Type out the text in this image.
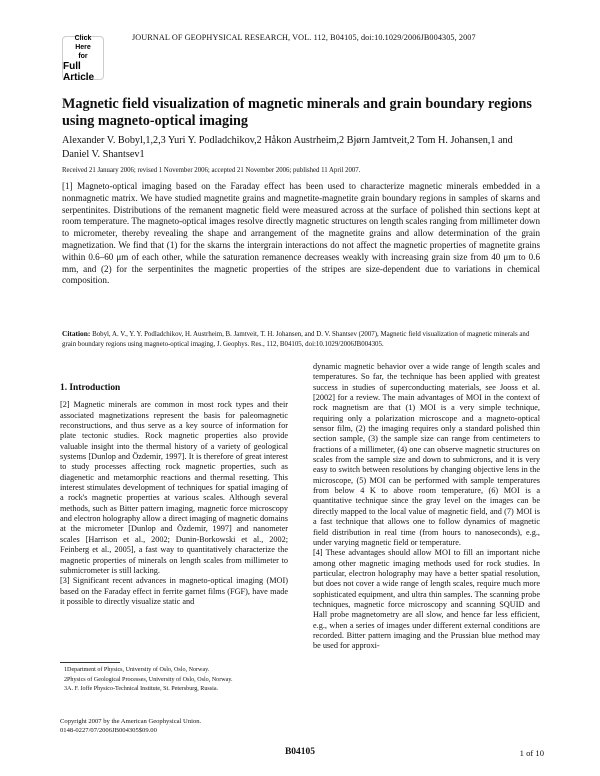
Click
Here
for
Full Article
JOURNAL OF GEOPHYSICAL RESEARCH, VOL. 112, B04105, doi:10.1029/2006JB004305, 2007
Magnetic field visualization of magnetic minerals and grain boundary regions using magneto-optical imaging
Alexander V. Bobyl,1,2,3 Yuri Y. Podladchikov,2 Håkon Austrheim,2 Bjørn Jamtveit,2 Tom H. Johansen,1 and Daniel V. Shantsev1
Received 21 January 2006; revised 1 November 2006; accepted 21 November 2006; published 11 April 2007.
[1] Magneto-optical imaging based on the Faraday effect has been used to characterize magnetic minerals embedded in a nonmagnetic matrix. We have studied magnetite grains and magnetite-magnetite grain boundary regions in samples of skarns and serpentinites. Distributions of the remanent magnetic field were measured across at the surface of polished thin sections kept at room temperature. The magneto-optical images resolve directly magnetic structures on length scales ranging from millimeter down to micrometer, thereby revealing the shape and arrangement of the magnetite grains and allow determination of the grain magnetization. We find that (1) for the skarns the intergrain interactions do not affect the magnetic properties of magnetite grains within 0.6–60 μm of each other, while the saturation remanence decreases weakly with increasing grain size from 40 μm to 0.6 mm, and (2) for the serpentinites the magnetic properties of the stripes are size-dependent due to variations in chemical composition.
Citation: Bobyl, A. V., Y. Y. Podladchikov, H. Austrheim, B. Jamtveit, T. H. Johansen, and D. V. Shantsev (2007), Magnetic field visualization of magnetic minerals and grain boundary regions using magneto-optical imaging, J. Geophys. Res., 112, B04105, doi:10.1029/2006JB004305.

1. Introduction

[2] Magnetic minerals are common in most rock types and their associated magnetizations represent the basis for paleomagnetic reconstructions, and thus serve as a key source of information for plate tectonic studies. Rock magnetic properties also provide valuable insight into the thermal history of a variety of geological systems [Dunlop and Özdemir, 1997]. It is therefore of great interest to study processes affecting rock magnetic properties, such as diagenetic and metamorphic reactions and thermal resetting. This interest stimulates development of techniques for spatial imaging of a rock's magnetic properties at various scales. Although several methods, such as Bitter pattern imaging, magnetic force microscopy and electron holography allow a direct imaging of magnetic domains at the micrometer [Dunlop and Özdemir, 1997] and nanometer scales [Harrison et al., 2002; Dunin-Borkowski et al., 2002; Feinberg et al., 2005], a fast way to quantitatively characterize the magnetic properties of minerals on length scales from millimeter to submicrometer is still lacking.

[3] Significant recent advances in magneto-optical imaging (MOI) based on the Faraday effect in ferrite garnet films (FGF), have made it possible to directly visualize static and

dynamic magnetic behavior over a wide range of length scales and temperatures. So far, the technique has been applied with greatest success in studies of superconducting materials, see Jooss et al. [2002] for a review. The main advantages of MOI in the context of rock magnetism are that (1) MOI is a very simple technique, requiring only a polarization microscope and a magneto-optical sensor film, (2) the imaging requires only a standard polished thin section sample, (3) the sample size can range from centimeters to fractions of a millimeter, (4) one can observe magnetic structures on scales from the sample size and down to submicrons, and it is very easy to switch between resolutions by changing objective lens in the microscope, (5) MOI can be performed with sample temperatures from below 4 K to above room temperature, (6) MOI is a quantitative technique since the gray level on the images can be directly mapped to the local value of magnetic field, and (7) MOI is a fast technique that allows one to follow dynamics of magnetic field distribution in real time (from hours to nanoseconds), e.g., under varying magnetic field or temperature.

[4] These advantages should allow MOI to fill an important niche among other magnetic imaging methods used for rock studies. In particular, electron holography may have a better spatial resolution, but does not cover a wide range of length scales, require much more sophisticated equipment, and ultra thin samples. The scanning probe techniques, magnetic force microscopy and scanning SQUID and Hall probe magnetometry are all slow, and hence far less efficient, e.g., when a series of images under different external conditions are recorded. Bitter pattern imaging and the Prussian blue method may be used for approxi-

1Department of Physics, University of Oslo, Oslo, Norway.
2Physics of Geological Processes, University of Oslo, Oslo, Norway.
3A. F. Ioffe Physico-Technical Institute, St. Petersburg, Russia.
Copyright 2007 by the American Geophysical Union.
0148-0227/07/2006JB004305$09.00
B04105	1 of 10
